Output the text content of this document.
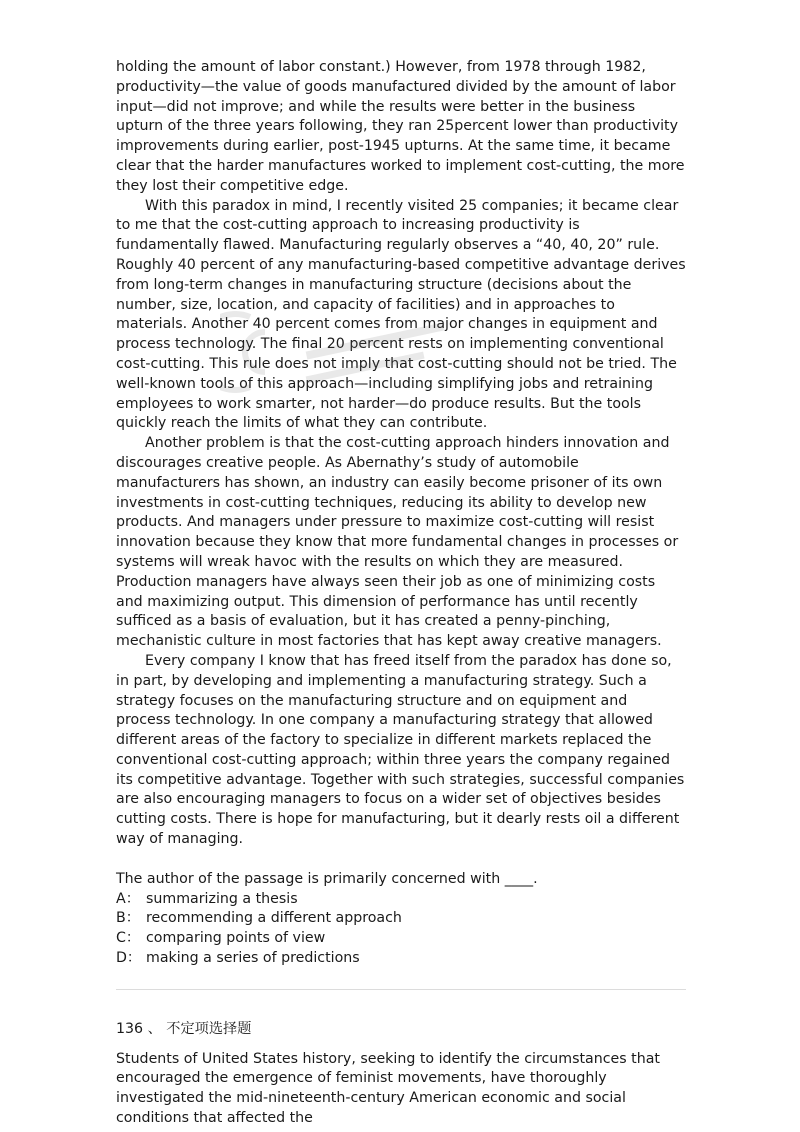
holding the amount of labor constant.) However, from 1978 through 1982, productivity—the value of goods manufactured divided by the amount of labor input—did not improve; and while the results were better in the business upturn of the three years following, they ran 25percent lower than productivity improvements during earlier, post-1945 upturns. At the same time, it became clear that the harder manufactures worked to implement cost-cutting, the more they lost their competitive edge.

With this paradox in mind, I recently visited 25 companies; it became clear to me that the cost-cutting approach to increasing productivity is fundamentally flawed. Manufacturing regularly observes a “40, 40, 20” rule. Roughly 40 percent of any manufacturing-based competitive advantage derives from long-term changes in manufacturing structure (decisions about the number, size, location, and capacity of facilities) and in approaches to materials. Another 40 percent comes from major changes in equipment and process technology. The final 20 percent rests on implementing conventional cost-cutting. This rule does not imply that cost-cutting should not be tried. The well-known tools of this approach—including simplifying jobs and retraining employees to work smarter, not harder—do produce results. But the tools quickly reach the limits of what they can contribute.

Another problem is that the cost-cutting approach hinders innovation and discourages creative people. As Abernathy’s study of automobile manufacturers has shown, an industry can easily become prisoner of its own investments in cost-cutting techniques, reducing its ability to develop new products. And managers under pressure to maximize cost-cutting will resist innovation because they know that more fundamental changes in processes or systems will wreak havoc with the results on which they are measured. Production managers have always seen their job as one of minimizing costs and maximizing output. This dimension of performance has until recently sufficed as a basis of evaluation, but it has created a penny-pinching, mechanistic culture in most factories that has kept away creative managers.

Every company I know that has freed itself from the paradox has done so, in part, by developing and implementing a manufacturing strategy. Such a strategy focuses on the manufacturing structure and on equipment and process technology. In one company a manufacturing strategy that allowed different areas of the factory to specialize in different markets replaced the conventional cost-cutting approach; within three years the company regained its competitive advantage. Together with such strategies, successful companies are also encouraging managers to focus on a wider set of objectives besides cutting costs. There is hope for manufacturing, but it dearly rests oil a different way of managing.

The author of the passage is primarily concerned with ____.

A： summarizing a thesis

B： recommending a different approach

C： comparing points of view

D： making a series of predictions

136 、 不定项选择题

Students of United States history, seeking to identify the circumstances that encouraged the emergence of feminist movements, have thoroughly investigated the mid-nineteenth-century American economic and social conditions that affected the
